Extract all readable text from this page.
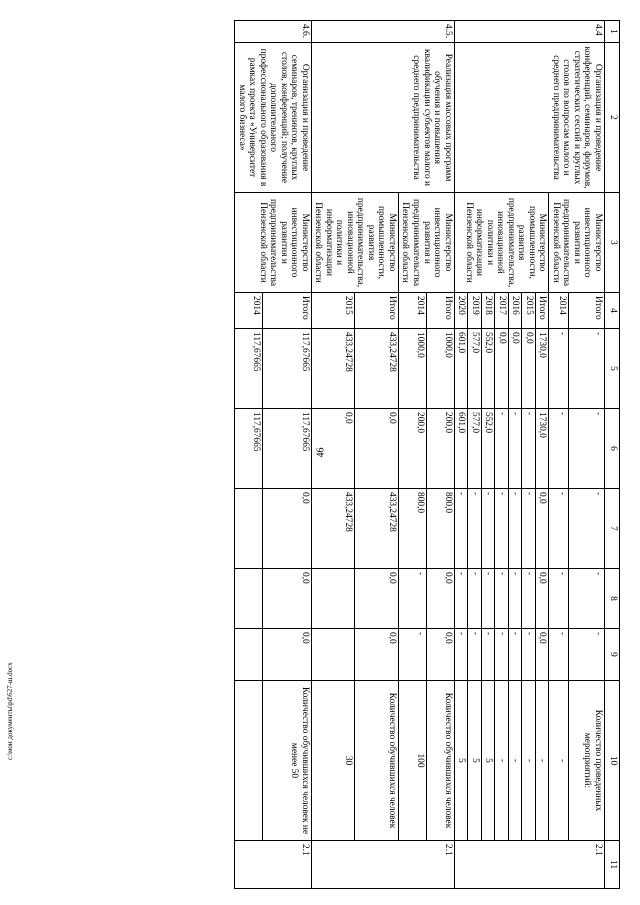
46
c:\мои документы\pd\627-ш.docx
1	2	3	4	5	6	7	8	9	10	11
4.4	Организация и проведение конференций, семинаров, форумов, стратегических сессий и круглых столов по вопросам малого и среднего предпринимательства	Министерство инвестиционного развития и предпринимательства Пензенской области	Итого	-	-	-	-	-	Количество проведенных мероприятий:	2.1
			2014	-	-	-	-	-	-	
		Министерство промышленности, развития предпринимательства, инновационной политики и информатизации Пензенской области	Итого	1730,0	1730,0	0,0	0,0	0,0	-	
			2015	0,0	-	-	-	-	-	
			2016	0,0	-	-	-	-	-	
			2017	0,0	-	-	-	-	-	
			2018	552,0	552,0	-	-	-	5	
			2019	577,0	577,0	-	-	-	5	
			2020	601,0	601,0	-	-	-	5	
4.5.	Реализация массовых программ обучения и повышения квалификации субъектов малого и среднего предпринимательства	Министерство инвестиционного развития и предпринимательства Пензенской области	Итого	1000,0	200,0	800,0	0,0	0,0	Количество обучившихся человек	2.1
			2014	1000,0	200,0	800,0	-	-	100	
		Министерство промышленности, развития предпринимательства, инновационной политики и информатизации Пензенской области	Итого	433,24728	0,0	433,24728	0,0	0,0	Количество обучившихся человек	
			2015	433,24728	0,0	433,24728			30	
4.6.	Организация и проведение семинаров, тренингов, круглых столов, конференций; получение дополнительного профессионального образования в рамках проекта «Университет малого бизнеса»	Министерство инвестиционного развития и предпринимательства Пензенской области	Итого	117,67665	117,67665	0,0	0,0	0,0	Количество обучившихся человек не менее 50	2.1
			2014	117,67665	117,67665					
